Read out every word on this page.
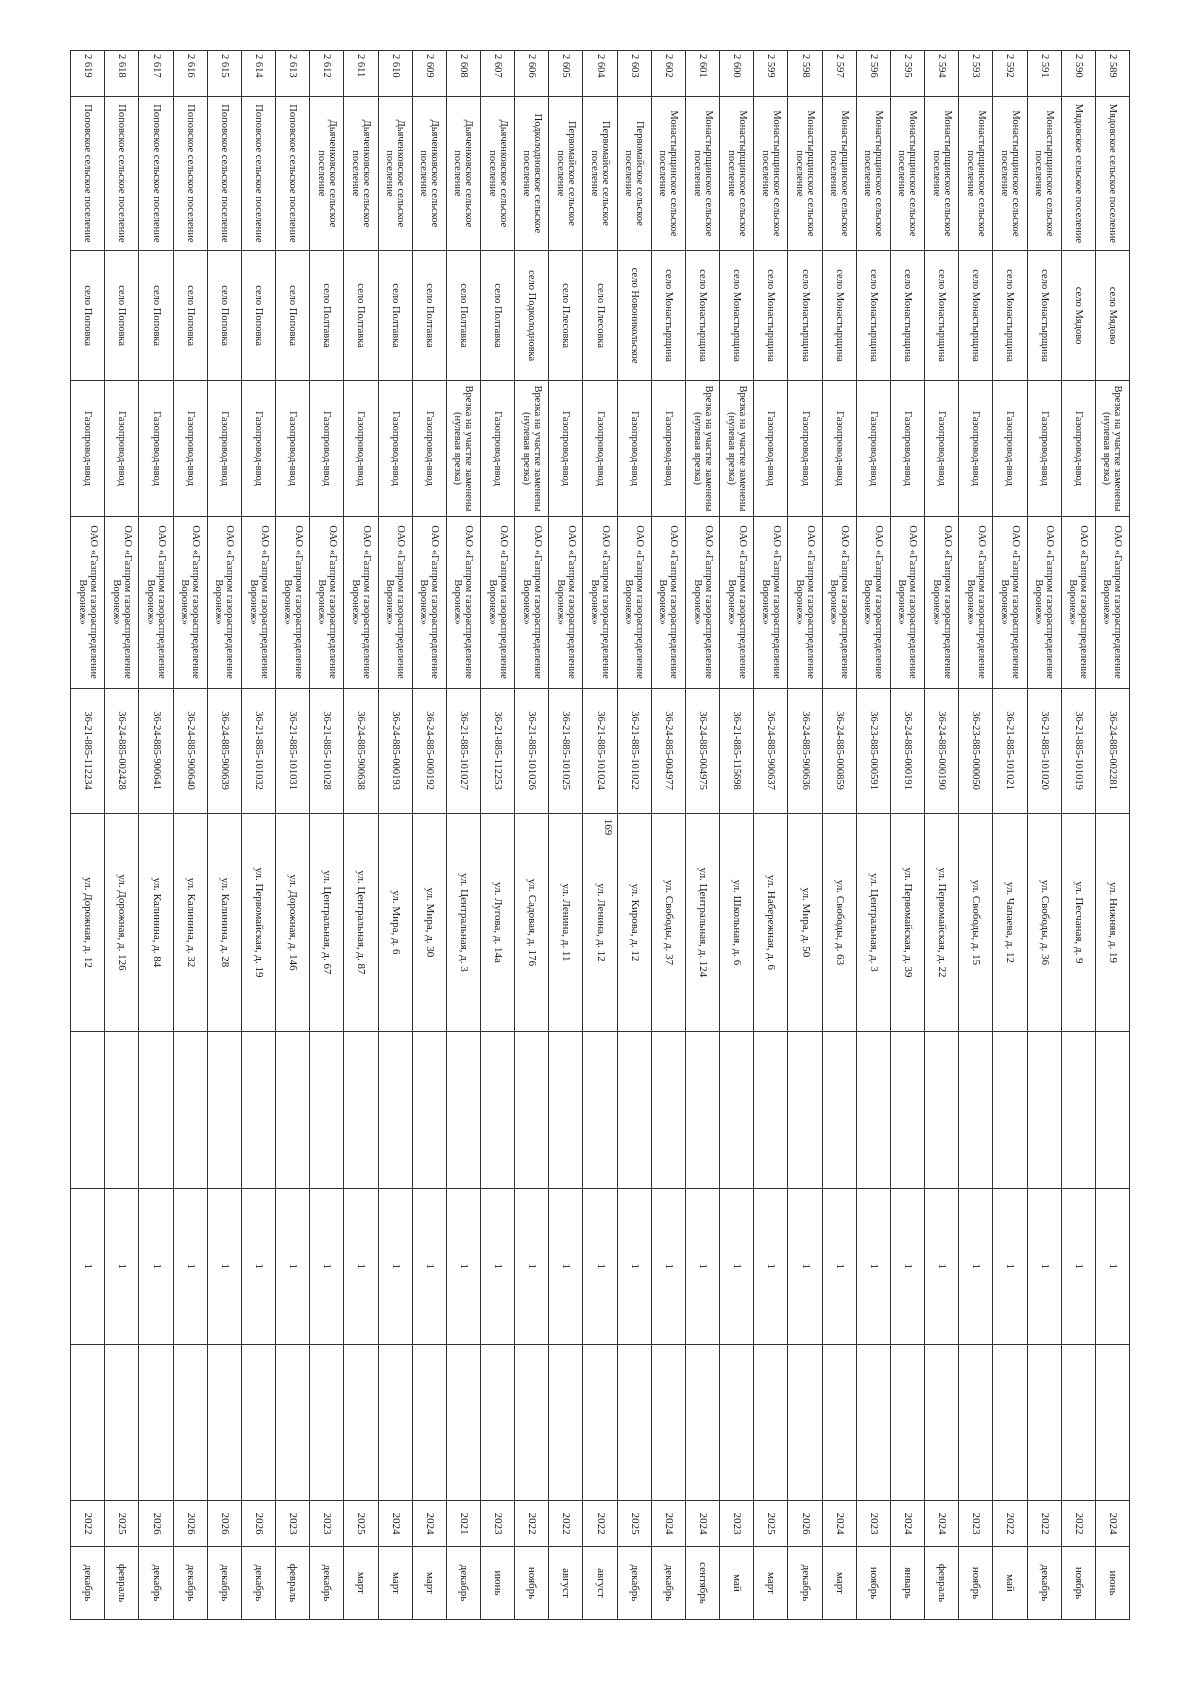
169
2 589	Мядовское сельское поселение	село Мядово	Врезка на участке заменены (нулевая врезка)	ОАО «Газпром газораспределение Воронеж»	36-24-885-002281	ул. Нижняя, д. 19		1		2024	июнь
2 590	Мядовское сельское поселение	село Мядово	Газопровод-ввод	ОАО «Газпром газораспределение Воронеж»	36-21-885-101019	ул. Песчаная, д. 9		1		2022	ноябрь
2 591	Монастырщинское сельское поселение	село Монастырщина	Газопровод-ввод	ОАО «Газпром газораспределение Воронеж»	36-21-885-101020	ул. Свободы, д. 36		1		2022	декабрь
2 592	Монастырщинское сельское поселение	село Монастырщина	Газопровод-ввод	ОАО «Газпром газораспределение Воронеж»	36-21-885-101021	ул. Чапаева, д. 12		1		2022	май
2 593	Монастырщинское сельское поселение	село Монастырщина	Газопровод-ввод	ОАО «Газпром газораспределение Воронеж»	36-23-885-000050	ул. Свободы, д. 15		1		2023	ноябрь
2 594	Монастырщинское сельское поселение	село Монастырщина	Газопровод-ввод	ОАО «Газпром газораспределение Воронеж»	36-24-885-000190	ул. Первомайская, д. 22		1		2024	февраль
2 595	Монастырщинское сельское поселение	село Монастырщина	Газопровод-ввод	ОАО «Газпром газораспределение Воронеж»	36-24-885-000191	ул. Первомайская, д. 39		1		2024	январь
2 596	Монастырщинское сельское поселение	село Монастырщина	Газопровод-ввод	ОАО «Газпром газораспределение Воронеж»	36-23-885-000591	ул. Центральная, д. 3		1		2023	ноябрь
2 597	Монастырщинское сельское поселение	село Монастырщина	Газопровод-ввод	ОАО «Газпром газораспределение Воронеж»	36-24-885-000859	ул. Свободы, д. 63		1		2024	март
2 598	Монастырщинское сельское поселение	село Монастырщина	Газопровод-ввод	ОАО «Газпром газораспределение Воронеж»	36-24-885-900636	ул. Мира, д. 50		1		2026	декабрь
2 599	Монастырщинское сельское поселение	село Монастырщина	Газопровод-ввод	ОАО «Газпром газораспределение Воронеж»	36-24-885-900637	ул. Набережная, д. 6		1		2025	март
2 600	Монастырщинское сельское поселение	село Монастырщина	Врезка на участке заменены (нулевая врезка)	ОАО «Газпром газораспределение Воронеж»	36-21-885-115698	ул. Школьная, д. 6		1		2023	май
2 601	Монастырщинское сельское поселение	село Монастырщина	Врезка на участке заменены (нулевая врезка)	ОАО «Газпром газораспределение Воронеж»	36-24-885-004975	ул. Центральная, д. 124		1		2024	сентябрь
2 602	Монастырщинское сельское поселение	село Монастырщина	Газопровод-ввод	ОАО «Газпром газораспределение Воронеж»	36-24-885-004977	ул. Свободы, д. 37		1		2024	декабрь
2 603	Первомайское сельское поселение	село Новоникольское	Газопровод-ввод	ОАО «Газпром газораспределение Воронеж»	36-21-885-101022	ул. Кирова, д. 12		1		2025	декабрь
2 604	Первомайское сельское поселение	село Плесовка	Газопровод-ввод	ОАО «Газпром газораспределение Воронеж»	36-21-885-101024	ул. Ленина, д. 12		1		2022	август
2 605	Первомайское сельское поселение	село Плесовка	Газопровод-ввод	ОАО «Газпром газораспределение Воронеж»	36-21-885-101025	ул. Ленина, д. 11		1		2022	август
2 606	Подколодновское сельское поселение	село Подколодновка	Врезка на участке заменены (нулевая врезка)	ОАО «Газпром газораспределение Воронеж»	36-21-885-101026	ул. Садовая, д. 176		1		2022	ноябрь
2 607	Дьяченковское сельское поселение	село Полтавка	Газопровод-ввод	ОАО «Газпром газораспределение Воронеж»	36-21-885-112253	ул. Лугова, д. 14а		1		2023	июнь
2 608	Дьяченковское сельское поселение	село Полтавка	Врезка на участке заменены (нулевая врезка)	ОАО «Газпром газораспределение Воронеж»	36-21-885-101027	ул. Центральная, д. 3		1		2021	декабрь
2 609	Дьяченковское сельское поселение	село Полтавка	Газопровод-ввод	ОАО «Газпром газораспределение Воронеж»	36-24-885-000192	ул. Мира, д. 30		1		2024	март
2 610	Дьяченковское сельское поселение	село Полтавка	Газопровод-ввод	ОАО «Газпром газораспределение Воронеж»	36-24-885-000193	ул. Мира, д. 6		1		2024	март
2 611	Дьяченковское сельское поселение	село Полтавка	Газопровод-ввод	ОАО «Газпром газораспределение Воронеж»	36-24-885-900638	ул. Центральная, д. 87		1		2025	март
2 612	Дьяченковское сельское поселение	село Полтавка	Газопровод-ввод	ОАО «Газпром газораспределение Воронеж»	36-21-885-101028	ул. Центральная, д. 67		1		2023	декабрь
2 613	Поповское сельское поселение	село Поповка	Газопровод-ввод	ОАО «Газпром газораспределение Воронеж»	36-21-885-101031	ул. Дорожная, д. 146		1		2023	февраль
2 614	Поповское сельское поселение	село Поповка	Газопровод-ввод	ОАО «Газпром газораспределение Воронеж»	36-21-885-101032	ул. Первомайская, д. 19		1		2026	декабрь
2 615	Поповское сельское поселение	село Поповка	Газопровод-ввод	ОАО «Газпром газораспределение Воронеж»	36-24-885-900639	ул. Калинина, д. 28		1		2026	декабрь
2 616	Поповское сельское поселение	село Поповка	Газопровод-ввод	ОАО «Газпром газораспределение Воронеж»	36-24-885-900640	ул. Калинина, д. 32		1		2026	декабрь
2 617	Поповское сельское поселение	село Поповка	Газопровод-ввод	ОАО «Газпром газораспределение Воронеж»	36-24-885-900641	ул. Калинина, д. 84		1		2026	декабрь
2 618	Поповское сельское поселение	село Поповка	Газопровод-ввод	ОАО «Газпром газораспределение Воронеж»	36-24-885-002428	ул. Дорожная, д. 126		1		2025	февраль
2 619	Поповское сельское поселение	село Поповка	Газопровод-ввод	ОАО «Газпром газораспределение Воронеж»	36-21-885-112234	ул. Дорожная, д. 12		1		2022	декабрь
